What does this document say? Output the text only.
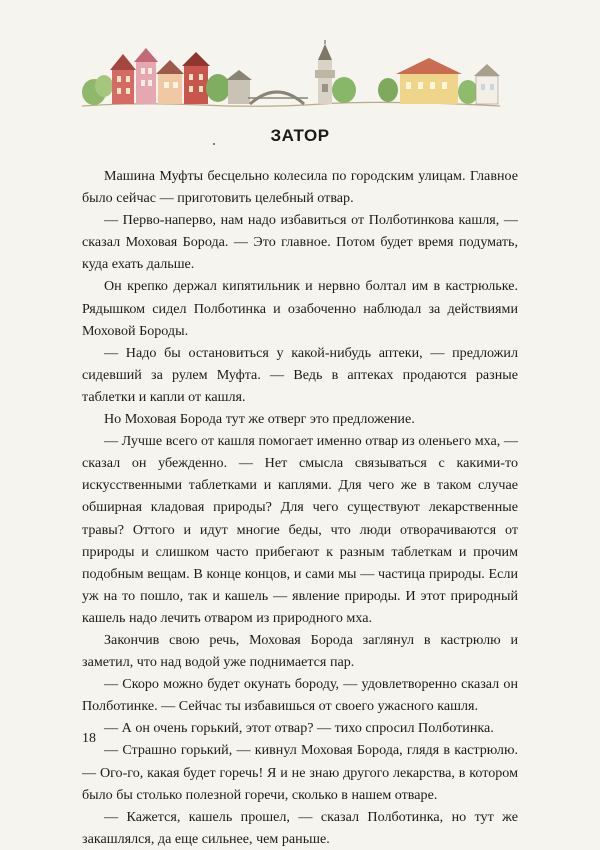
ЗАТОР

Машина Муфты бесцельно колесила по городским улицам. Главное было сейчас — приготовить целебный отвар.

— Перво-наперво, нам надо избавиться от Полботинкова кашля, — сказал Моховая Борода. — Это главное. Потом будет время подумать, куда ехать дальше.

Он крепко держал кипятильник и нервно болтал им в кастрюльке. Рядышком сидел Полботинка и озабоченно наблюдал за действиями Моховой Бороды.

— Надо бы остановиться у какой-нибудь аптеки, — предложил сидевший за рулем Муфта. — Ведь в аптеках продаются разные таблетки и капли от кашля.

Но Моховая Борода тут же отверг это предложение.

— Лучше всего от кашля помогает именно отвар из оленьего мха, — сказал он убежденно. — Нет смысла связываться с какими-то искусственными таблетками и каплями. Для чего же в таком случае обширная кладовая природы? Для чего существуют лекарственные травы? Оттого и идут многие беды, что люди отворачиваются от природы и слишком часто прибегают к разным таблеткам и прочим подобным вещам. В конце концов, и сами мы — частица природы. Если уж на то пошло, так и кашель — явление природы. И этот природный кашель надо лечить отваром из природного мха.

Закончив свою речь, Моховая Борода заглянул в кастрюлю и заметил, что над водой уже поднимается пар.

— Скоро можно будет окунать бороду, — удовлетворенно сказал он Полботинке. — Сейчас ты избавишься от своего ужасного кашля.

— А он очень горький, этот отвар? — тихо спросил Полботинка.

— Страшно горький, — кивнул Моховая Борода, глядя в кастрюлю. — Ого-го, какая будет горечь! Я и не знаю другого лекарства, в котором было бы столько полезной горечи, сколько в нашем отваре.

— Кажется, кашель прошел, — сказал Полботинка, но тут же закашлялся, да еще сильнее, чем раньше.

18
